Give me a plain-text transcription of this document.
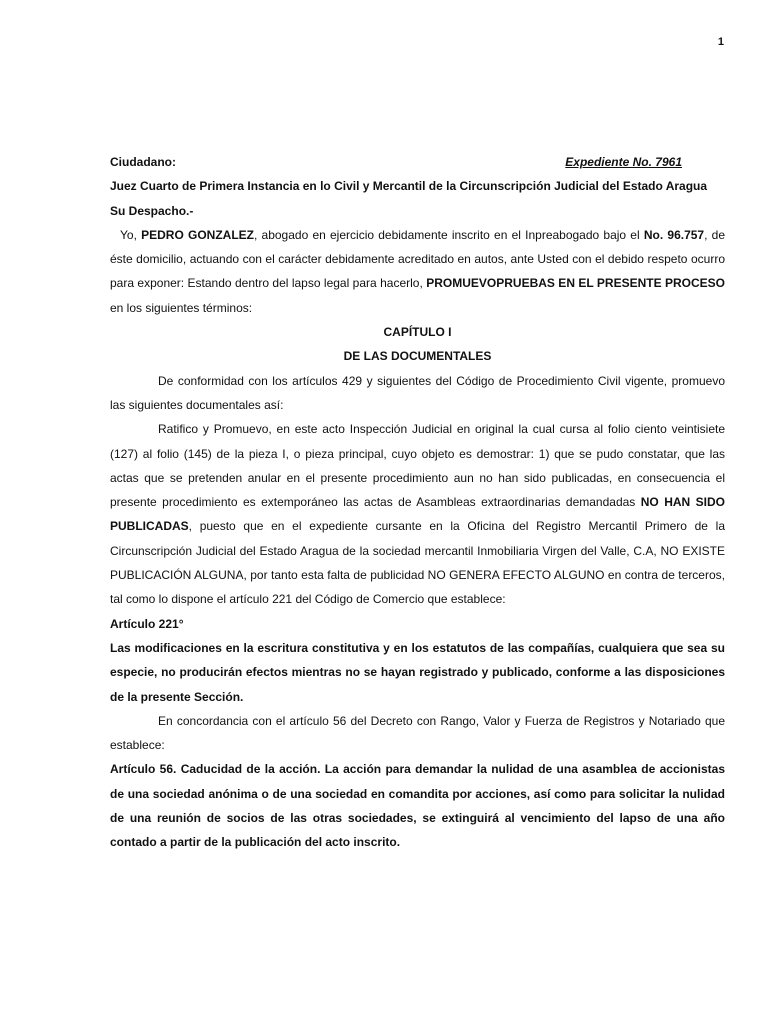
1
Ciudadano:	Expediente No. 7961

Juez Cuarto de Primera Instancia en lo Civil y Mercantil de la Circunscripción Judicial del Estado Aragua

Su Despacho.-

Yo, PEDRO GONZALEZ, abogado en ejercicio debidamente inscrito en el Inpreabogado bajo el No. 96.757, de éste domicilio, actuando con el carácter debidamente acreditado en autos, ante Usted con el debido respeto ocurro para exponer: Estando dentro del lapso legal para hacerlo, PROMUEVOPRUEBAS EN EL PRESENTE PROCESO en los siguientes términos:

CAPÍTULO I

DE LAS DOCUMENTALES

De conformidad con los artículos 429 y siguientes del Código de Procedimiento Civil vigente, promuevo las siguientes documentales así:

Ratifico y Promuevo, en este acto Inspección Judicial en original la cual cursa al folio ciento veintisiete (127) al folio (145) de la pieza I, o pieza principal, cuyo objeto es demostrar: 1) que se pudo constatar, que las actas que se pretenden anular en el presente procedimiento aun no han sido publicadas, en consecuencia el presente procedimiento es extemporáneo las actas de Asambleas extraordinarias demandadas NO HAN SIDO PUBLICADAS, puesto que en el expediente cursante en la Oficina del Registro Mercantil Primero de la Circunscripción Judicial del Estado Aragua de la sociedad mercantil Inmobiliaria Virgen del Valle, C.A, NO EXISTE PUBLICACIÓN ALGUNA, por tanto esta falta de publicidad NO GENERA EFECTO ALGUNO en contra de terceros, tal como lo dispone el artículo 221 del Código de Comercio que establece:

Artículo 221°

Las modificaciones en la escritura constitutiva y en los estatutos de las compañías, cualquiera que sea su especie, no producirán efectos mientras no se hayan registrado y publicado, conforme a las disposiciones de la presente Sección.

En concordancia con el artículo 56 del Decreto con Rango, Valor y Fuerza de Registros y Notariado que establece:

Artículo 56. Caducidad de la acción. La acción para demandar la nulidad de una asamblea de accionistas de una sociedad anónima o de una sociedad en comandita por acciones, así como para solicitar la nulidad de una reunión de socios de las otras sociedades, se extinguirá al vencimiento del lapso de una año contado a partir de la publicación del acto inscrito.
